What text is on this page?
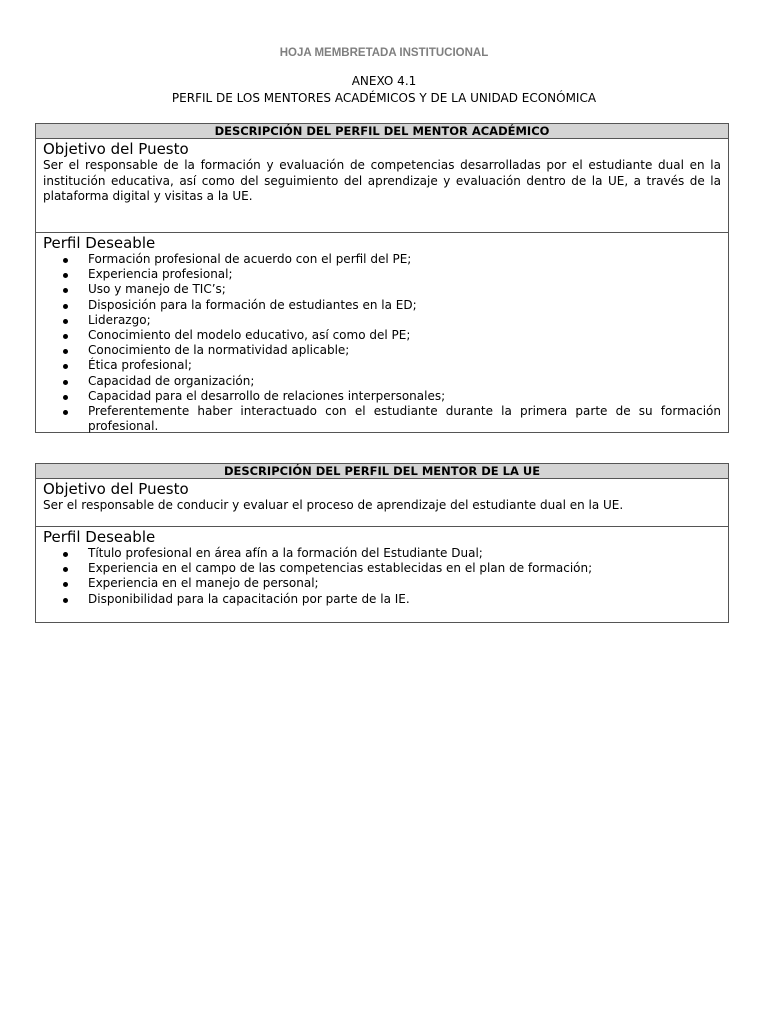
HOJA MEMBRETADA INSTITUCIONAL
ANEXO 4.1
PERFIL DE LOS MENTORES ACADÉMICOS Y DE LA UNIDAD ECONÓMICA
DESCRIPCIÓN DEL PERFIL DEL MENTOR ACADÉMICO

Objetivo del Puesto

Ser el responsable de la formación y evaluación de competencias desarrolladas por el estudiante dual en la institución educativa, así como del seguimiento del aprendizaje y evaluación dentro de la UE, a través de la plataforma digital y visitas a la UE.

Perfil Deseable

Formación profesional de acuerdo con el perfil del PE;
Experiencia profesional;
Uso y manejo de TIC’s;
Disposición para la formación de estudiantes en la ED;
Liderazgo;
Conocimiento del modelo educativo, así como del PE;
Conocimiento de la normatividad aplicable;
Ética profesional;
Capacidad de organización;
Capacidad para el desarrollo de relaciones interpersonales;
Preferentemente haber interactuado con el estudiante durante la primera parte de su formación profesional.
DESCRIPCIÓN DEL PERFIL DEL MENTOR DE LA UE

Objetivo del Puesto

Ser el responsable de conducir y evaluar el proceso de aprendizaje del estudiante dual en la UE.

Perfil Deseable

Título profesional en área afín a la formación del Estudiante Dual;
Experiencia en el campo de las competencias establecidas en el plan de formación;
Experiencia en el manejo de personal;
Disponibilidad para la capacitación por parte de la IE.
